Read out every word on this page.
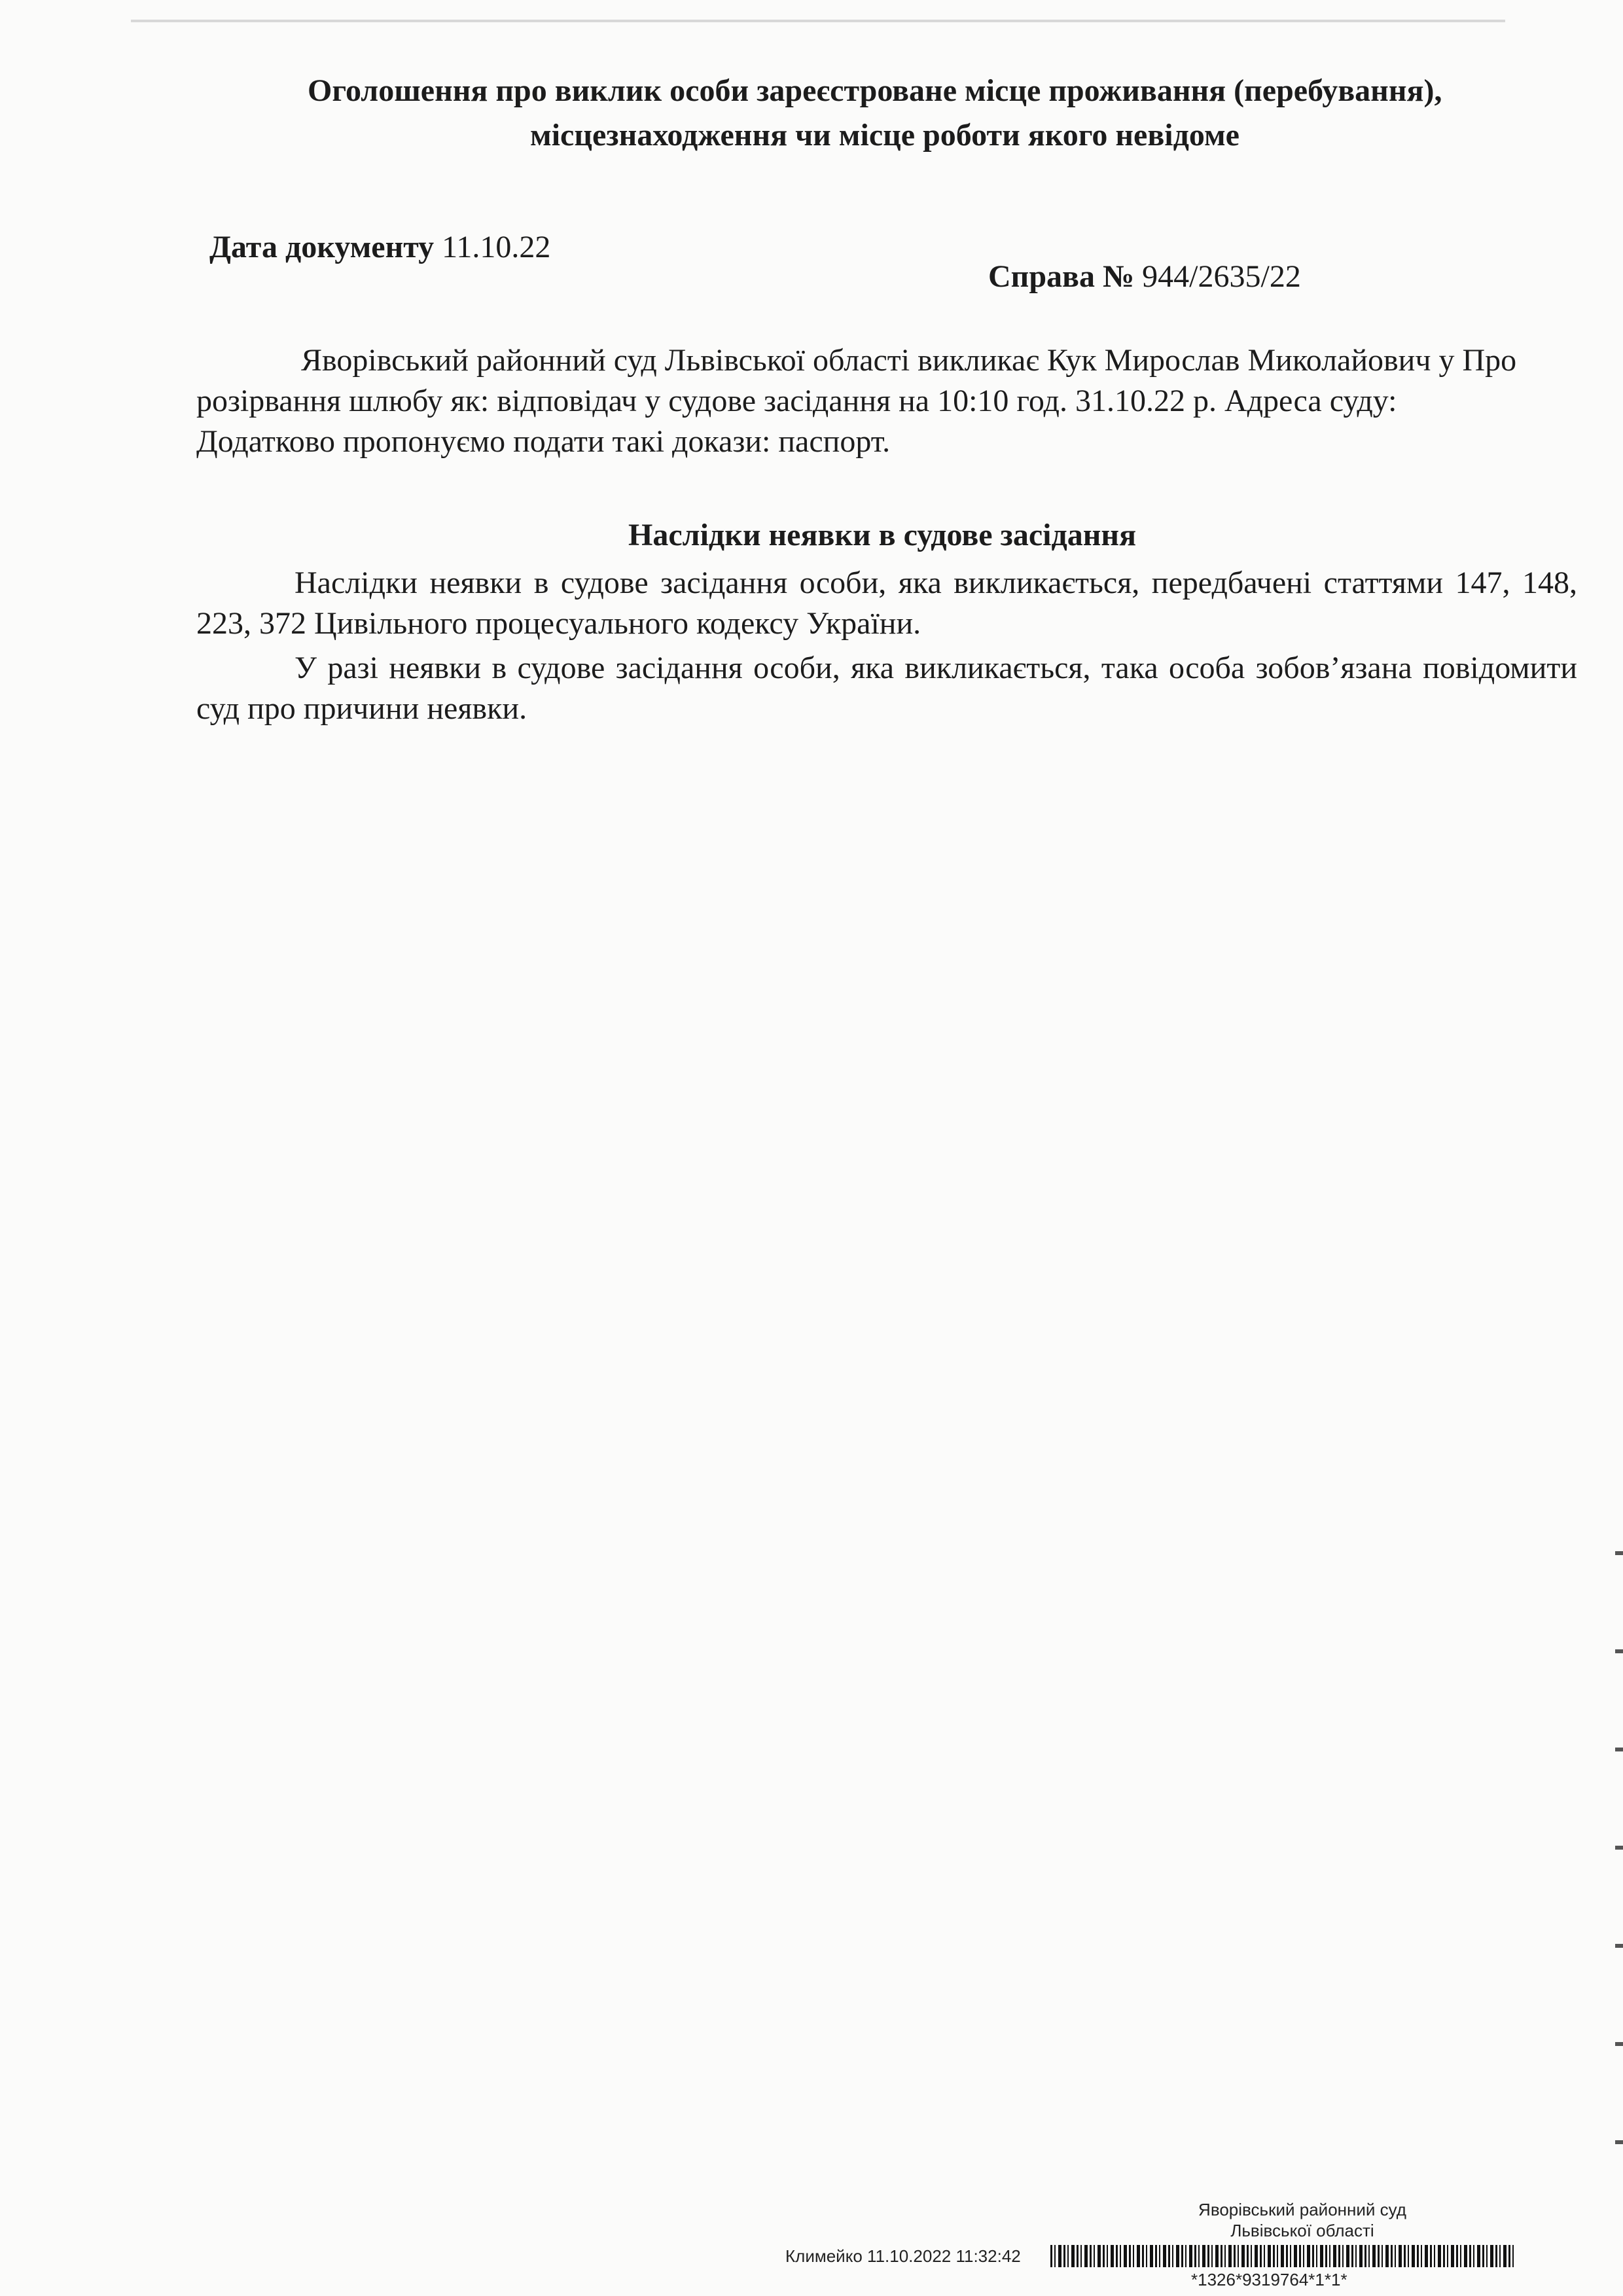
Оголошення про виклик особи зареєстроване місце проживання (перебування),
місцезнаходження чи місце роботи якого невідоме
Дата документу 11.10.22
Справа № 944/2635/22
Яворівський районний суд Львівської області викликає Кук Мирослав Миколайович у Про
розірвання шлюбу як: відповідач у судове засідання на 10:10 год. 31.10.22 р. Адреса суду:
Додатково пропонуємо подати такі докази: паспорт.
Наслідки неявки в судове засідання
Наслідки неявки в судове засідання особи, яка викликається, передбачені статтями 147, 148, 223, 372 Цивільного процесуального кодексу України.
У разі неявки в судове засідання особи, яка викликається, така особа зобов’язана повідомити суд про причини неявки.
Яворівський районний суд
Львівської області
Климейко 11.10.2022 11:32:42
*1326*9319764*1*1*
